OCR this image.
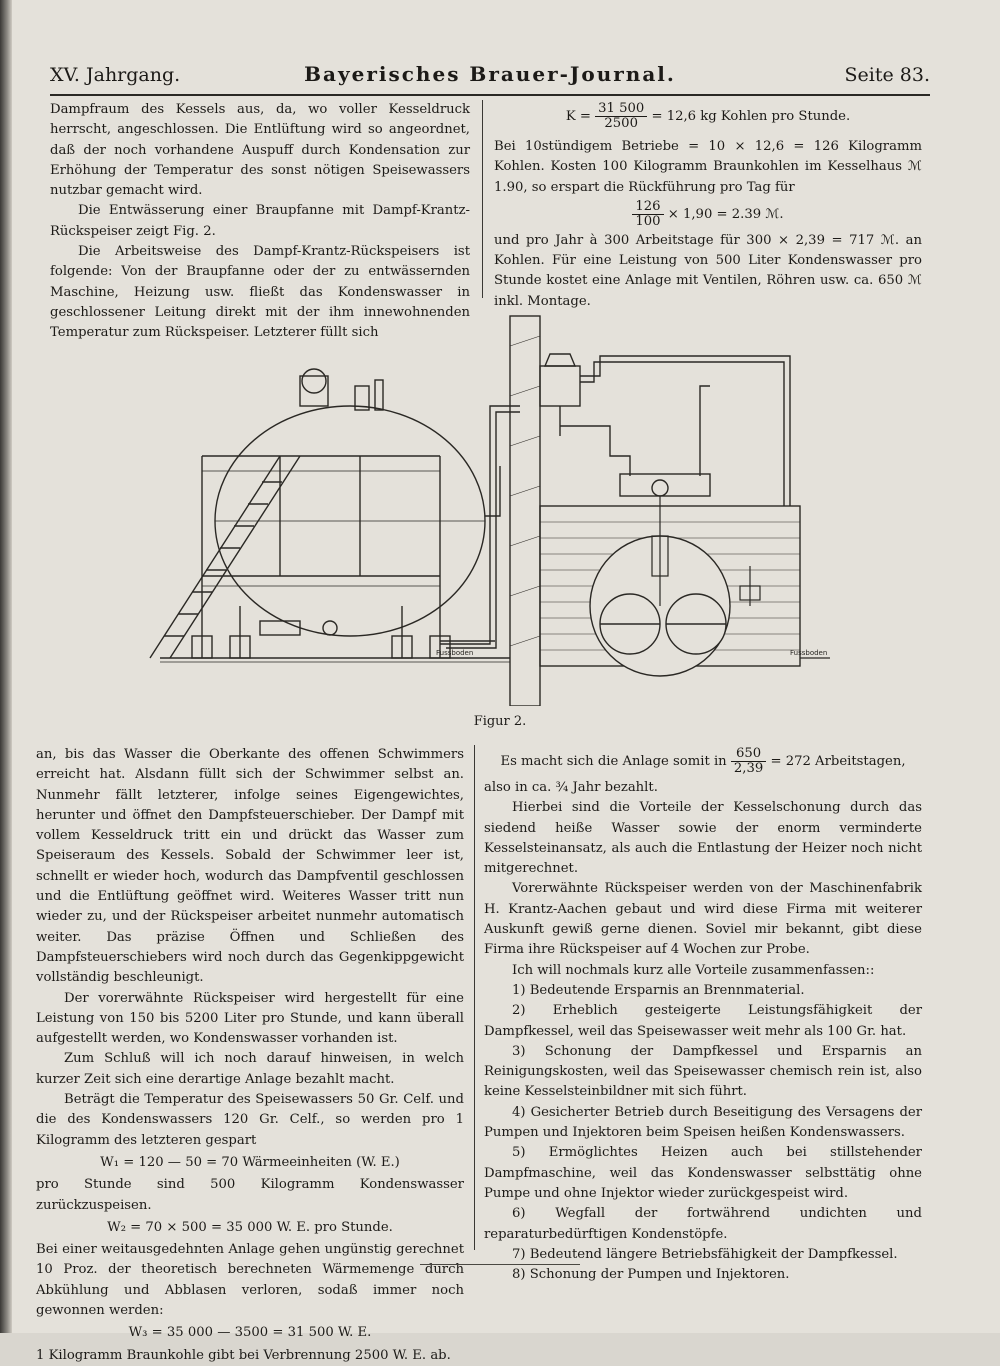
XV. Jahrgang.	Bayerisches Brauer-Journal.	Seite 83.

Dampfraum des Kessels aus, da, wo voller Kesseldruck herrscht, angeschlossen. Die Entlüftung wird so angeordnet, daß der noch vorhandene Auspuff durch Kondensation zur Erhöhung der Temperatur des sonst nötigen Speisewassers nutzbar gemacht wird.

Die Entwässerung einer Braupfanne mit Dampf-Krantz-Rückspeiser zeigt Fig. 2.

Die Arbeitsweise des Dampf-Krantz-Rückspeisers ist folgende: Von der Braupfanne oder der zu entwässernden Maschine, Heizung usw. fließt das Kondenswasser in geschlossener Leitung direkt mit der ihm innewohnenden Temperatur zum Rückspeiser. Letzterer füllt sich

$K = \frac{31 500}{2500} = 12,6$ kg Kohlen pro Stunde.

Bei 10stündigem Betriebe = 10 × 12,6 = 126 Kilogramm Kohlen. Kosten 100 Kilogramm Braunkohlen im Kesselhaus ℳ 1.90, so erspart die Rückführung pro Tag für

$\frac{126}{100} \times 1,90 = 2.39$ ℳ.

und pro Jahr à 300 Arbeitstage für 300 × 2,39 = 717 ℳ. an Kohlen. Für eine Leistung von 500 Liter Kondenswasser pro Stunde kostet eine Anlage mit Ventilen, Röhren usw. ca. 650 ℳ inkl. Montage.

Fussboden	Fussboden
Figur 2.

an, bis das Wasser die Oberkante des offenen Schwimmers erreicht hat. Alsdann füllt sich der Schwimmer selbst an. Nunmehr fällt letzterer, infolge seines Eigengewichtes, herunter und öffnet den Dampfsteuerschieber. Der Dampf mit vollem Kesseldruck tritt ein und drückt das Wasser zum Speiseraum des Kessels. Sobald der Schwimmer leer ist, schnellt er wieder hoch, wodurch das Dampfventil geschlossen und die Entlüftung geöffnet wird. Weiteres Wasser tritt nun wieder zu, und der Rückspeiser arbeitet nunmehr automatisch weiter. Das präzise Öffnen und Schließen des Dampfsteuerschiebers wird noch durch das Gegenkippgewicht vollständig beschleunigt.

Der vorerwähnte Rückspeiser wird hergestellt für eine Leistung von 150 bis 5200 Liter pro Stunde, und kann überall aufgestellt werden, wo Kondenswasser vorhanden ist.

Zum Schluß will ich noch darauf hinweisen, in welch kurzer Zeit sich eine derartige Anlage bezahlt macht.

Beträgt die Temperatur des Speisewassers 50 Gr. Celf. und die des Kondenswassers 120 Gr. Celf., so werden pro 1 Kilogramm des letzteren gespart

W₁ = 120 — 50 = 70 Wärmeeinheiten (W. E.)

pro Stunde sind 500 Kilogramm Kondenswasser zurückzuspeisen.

W₂ = 70 × 500 = 35 000 W. E. pro Stunde.

Bei einer weitausgedehnten Anlage gehen ungünstig gerechnet 10 Proz. der theoretisch berechneten Wärmemenge durch Abkühlung und Abblasen verloren, sodaß immer noch gewonnen werden:

W₃ = 35 000 — 3500 = 31 500 W. E.

1 Kilogramm Braunkohle gibt bei Verbrennung 2500 W. E. ab.

Es macht sich die Anlage somit in $\frac{650}{2,39} = 272$ Arbeitstagen,

also in ca. ¾ Jahr bezahlt.

Hierbei sind die Vorteile der Kesselschonung durch das siedend heiße Wasser sowie der enorm verminderte Kesselsteinansatz, als auch die Entlastung der Heizer noch nicht mitgerechnet.

Vorerwähnte Rückspeiser werden von der Maschinenfabrik H. Krantz-Aachen gebaut und wird diese Firma mit weiterer Auskunft gewiß gerne dienen. Soviel mir bekannt, gibt diese Firma ihre Rückspeiser auf 4 Wochen zur Probe.

Ich will nochmals kurz alle Vorteile zusammenfassen::

1) Bedeutende Ersparnis an Brennmaterial.

2) Erheblich gesteigerte Leistungsfähigkeit der Dampfkessel, weil das Speisewasser weit mehr als 100 Gr. hat.

3) Schonung der Dampfkessel und Ersparnis an Reinigungskosten, weil das Speisewasser chemisch rein ist, also keine Kesselsteinbildner mit sich führt.

4) Gesicherter Betrieb durch Beseitigung des Versagens der Pumpen und Injektoren beim Speisen heißen Kondenswassers.

5) Ermöglichtes Heizen auch bei stillstehender Dampfmaschine, weil das Kondenswasser selbsttätig ohne Pumpe und ohne Injektor wieder zurückgespeist wird.

6) Wegfall der fortwährend undichten und reparaturbedürftigen Kondenstöpfe.

7) Bedeutend längere Betriebsfähigkeit der Dampfkessel.

8) Schonung der Pumpen und Injektoren.
